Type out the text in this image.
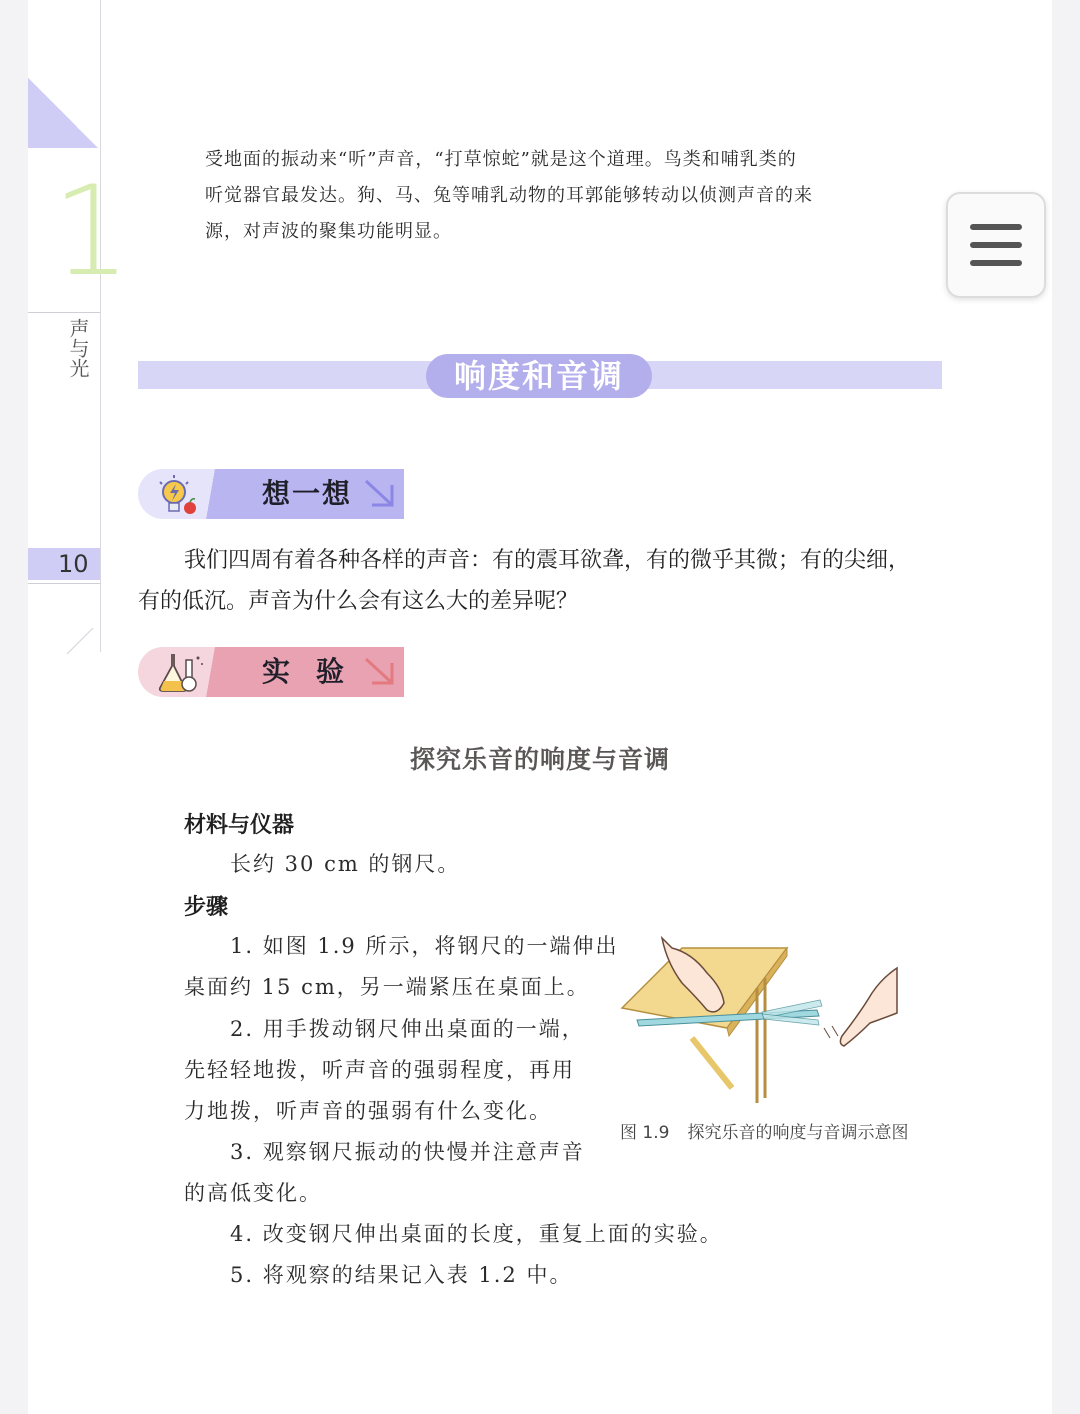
1
声与光
10
受地面的振动来“听”声音，“打草惊蛇”就是这个道理。鸟类和哺乳类的
听觉器官最发达。狗、马、兔等哺乳动物的耳郭能够转动以侦测声音的来
源，对声波的聚集功能明显。
响度和音调
想一想

我们四周有着各种各样的声音：有的震耳欲聋，有的微乎其微；有的尖细，

有的低沉。声音为什么会有这么大的差异呢？

实验
探究乐音的响度与音调
材料与仪器
长约 30 cm 的钢尺。
步骤
1. 如图 1.9 所示，将钢尺的一端伸出
桌面约 15 cm，另一端紧压在桌面上。
2. 用手拨动钢尺伸出桌面的一端，
先轻轻地拨，听声音的强弱程度，再用
力地拨，听声音的强弱有什么变化。
3. 观察钢尺振动的快慢并注意声音
的高低变化。
4. 改变钢尺伸出桌面的长度，重复上面的实验。
5. 将观察的结果记入表 1.2 中。
图 1.9 探究乐音的响度与音调示意图
